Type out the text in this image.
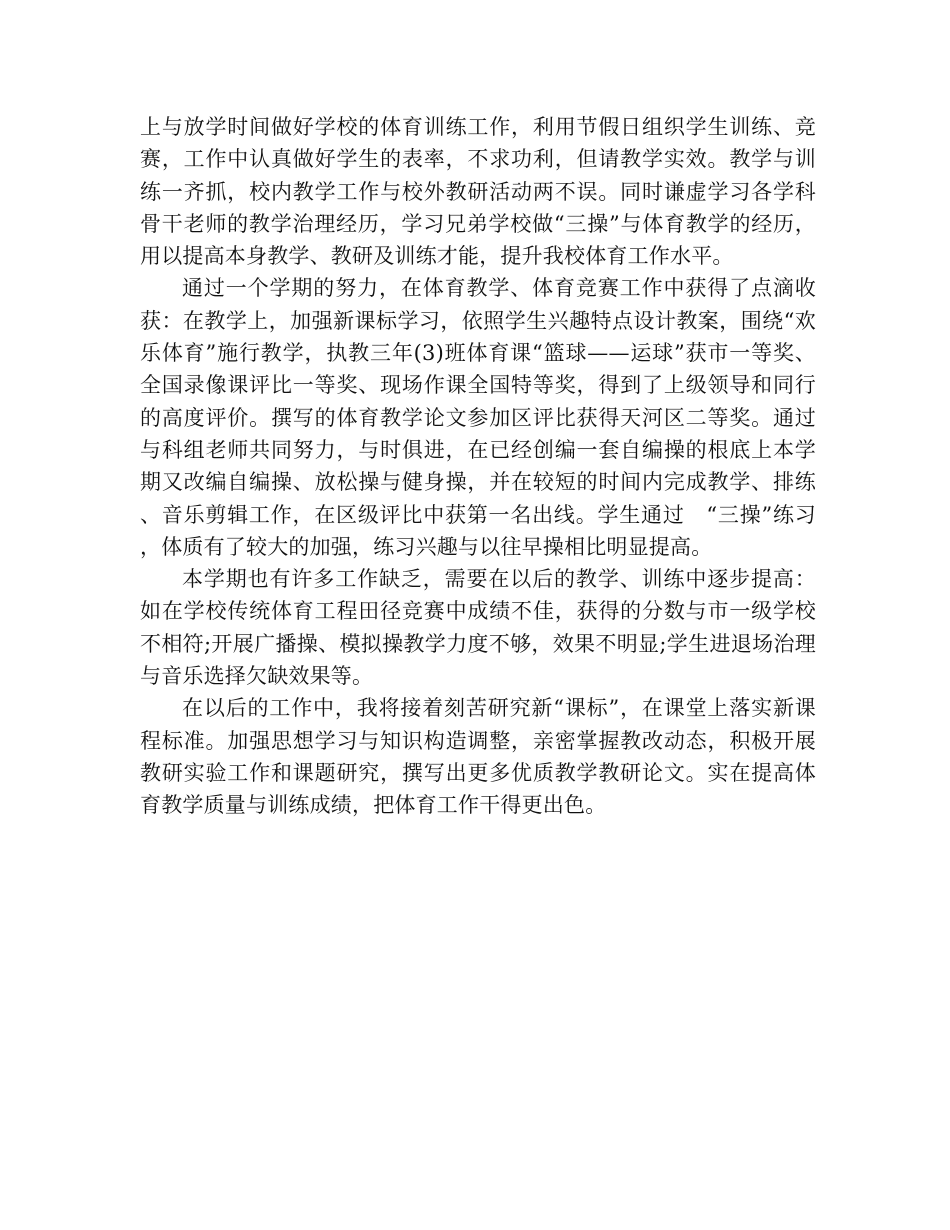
上与放学时间做好学校的体育训练工作，利用节假日组织学生训练、竞赛，工作中认真做好学生的表率，不求功利，但请教学实效。教学与训练一齐抓，校内教学工作与校外教研活动两不误。同时谦虚学习各学科骨干老师的教学治理经历，学习兄弟学校做“三操”与体育教学的经历，用以提高本身教学、教研及训练才能，提升我校体育工作水平。

通过一个学期的努力，在体育教学、体育竞赛工作中获得了点滴收获：在教学上，加强新课标学习，依照学生兴趣特点设计教案，围绕“欢乐体育”施行教学，执教三年(3)班体育课“篮球——运球”获市一等奖、全国录像课评比一等奖、现场作课全国特等奖，得到了上级领导和同行的高度评价。撰写的体育教学论文参加区评比获得天河区二等奖。通过与科组老师共同努力，与时俱进，在已经创编一套自编操的根底上本学期又改编自编操、放松操与健身操，并在较短的时间内完成教学、排练、音乐剪辑工作，在区级评比中获第一名出线。学生通过　“三操”练习，体质有了较大的加强，练习兴趣与以往早操相比明显提高。

本学期也有许多工作缺乏，需要在以后的教学、训练中逐步提高：如在学校传统体育工程田径竞赛中成绩不佳，获得的分数与市一级学校不相符;开展广播操、模拟操教学力度不够，效果不明显;学生进退场治理与音乐选择欠缺效果等。

在以后的工作中，我将接着刻苦研究新“课标”，在课堂上落实新课程标准。加强思想学习与知识构造调整，亲密掌握教改动态，积极开展教研实验工作和课题研究，撰写出更多优质教学教研论文。实在提高体育教学质量与训练成绩，把体育工作干得更出色。
